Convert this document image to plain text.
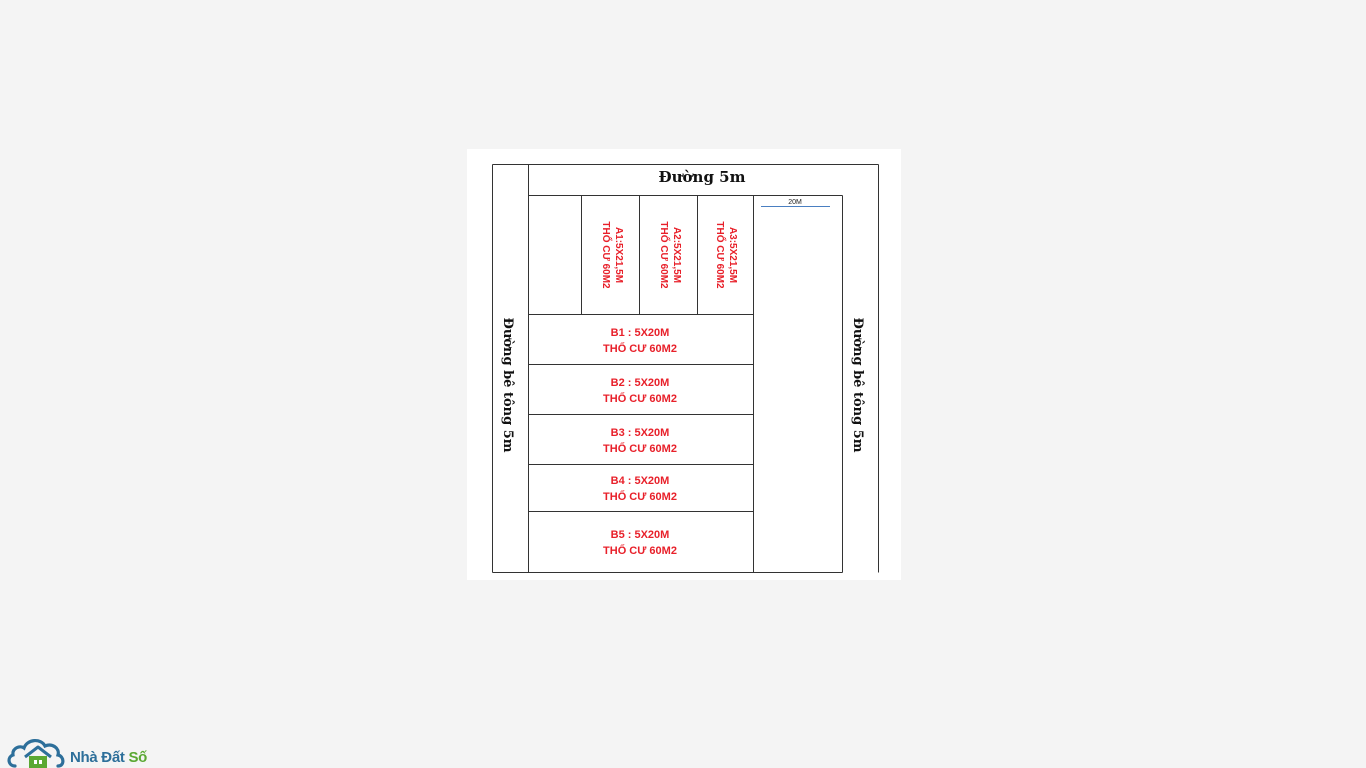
20M
Đường 5m
Đường bê tông 5m	Đường bê tông 5m
A1:5X21,5M
THỔ CƯ 60M2	A2:5X21,5M
THỔ CƯ 60M2	A3:5X21,5M
THỔ CƯ 60M2
B1 : 5X20M
THỔ CƯ 60M2
B2 : 5X20M
THỔ CƯ 60M2
B3 : 5X20M
THỔ CƯ 60M2
B4 : 5X20M
THỔ CƯ 60M2
B5 : 5X20M
THỔ CƯ 60M2
Nhà Đất Số
